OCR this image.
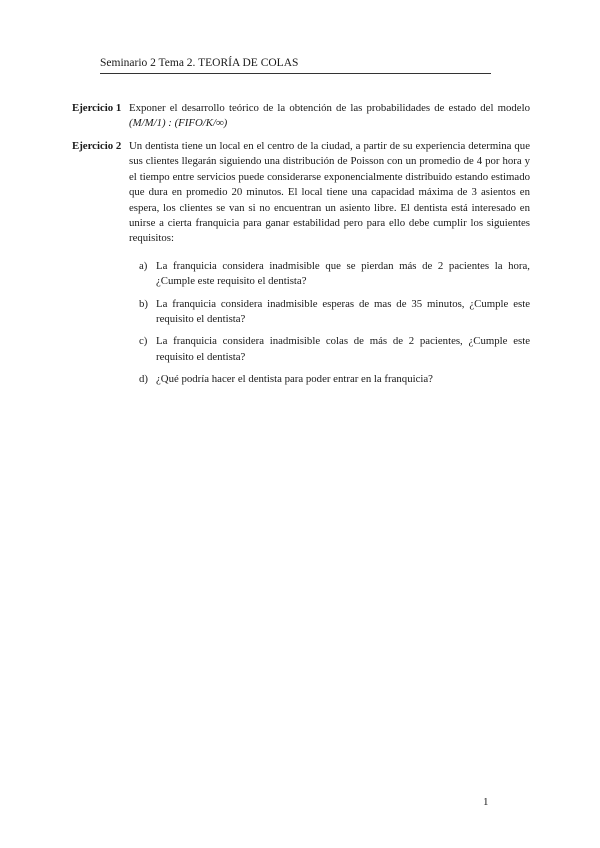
Seminario 2 Tema 2. TEORÍA DE COLAS
Ejercicio 1 Exponer el desarrollo teórico de la obtención de las probabilidades de estado del modelo (M/M/1) : (FIFO/K/∞)
Ejercicio 2 Un dentista tiene un local en el centro de la ciudad, a partir de su experiencia determina que sus clientes llegarán siguiendo una distribución de Poisson con un promedio de 4 por hora y el tiempo entre servicios puede considerarse exponencialmente distribuido estando estimado que dura en promedio 20 minutos. El local tiene una capacidad máxima de 3 asientos en espera, los clientes se van si no encuentran un asiento libre. El dentista está interesado en unirse a cierta franquicia para ganar estabilidad pero para ello debe cumplir los siguientes requisitos:
a) La franquicia considera inadmisible que se pierdan más de 2 pacientes la hora, ¿Cumple este requisito el dentista?
b) La franquicia considera inadmisible esperas de mas de 35 minutos, ¿Cumple este requisito el dentista?
c) La franquicia considera inadmisible colas de más de 2 pacientes, ¿Cumple este requisito el dentista?
d) ¿Qué podría hacer el dentista para poder entrar en la franquicia?
1
